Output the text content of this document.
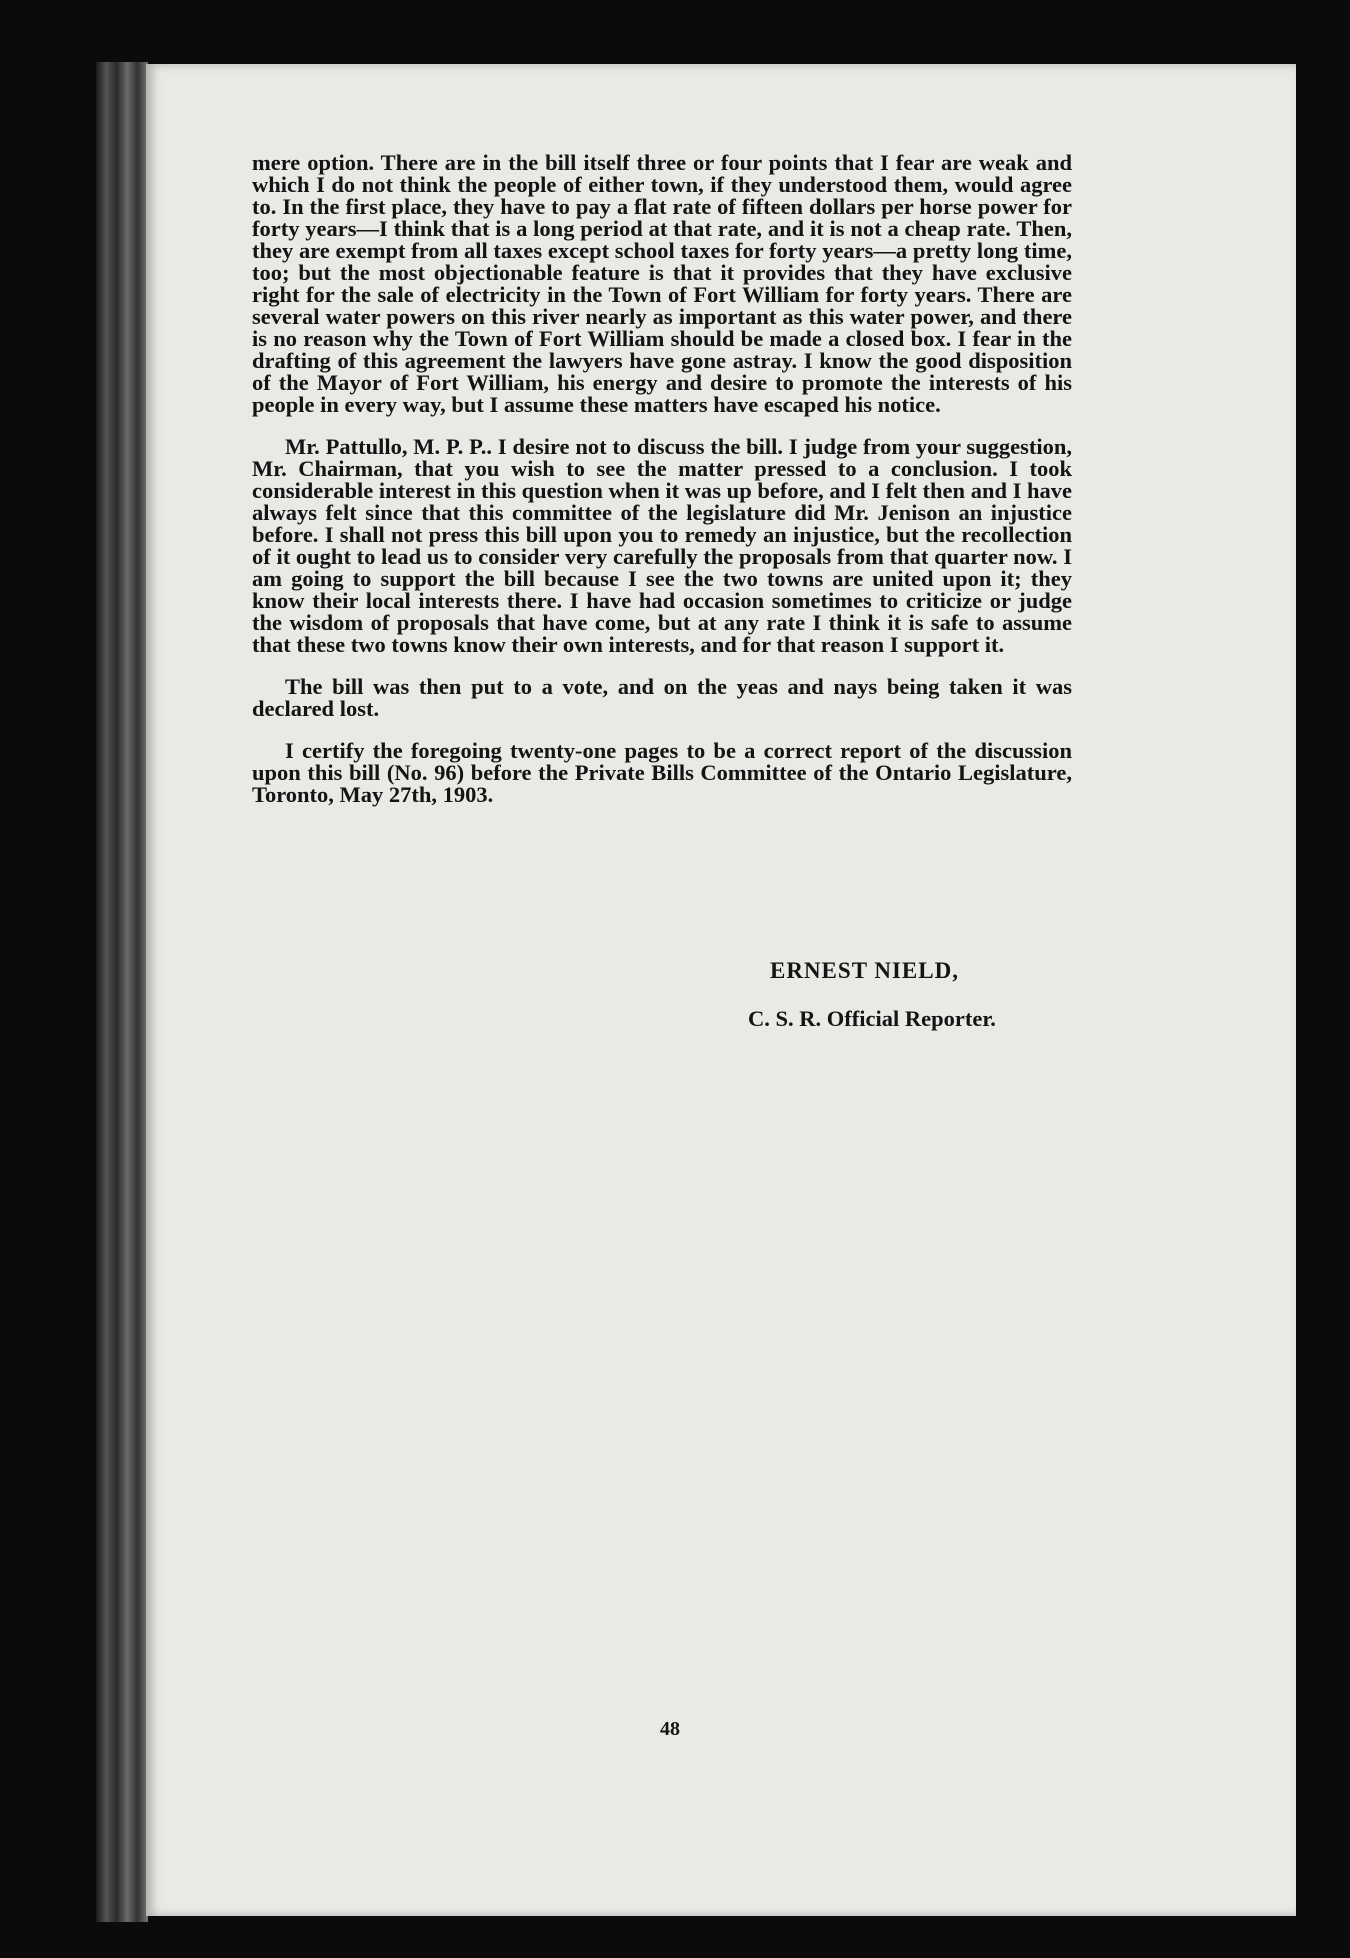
mere option. There are in the bill itself three or four points that I fear are weak and which I do not think the people of either town, if they understood them, would agree to. In the first place, they have to pay a flat rate of fifteen dollars per horse power for forty years—I think that is a long period at that rate, and it is not a cheap rate. Then, they are exempt from all taxes except school taxes for forty years—a pretty long time, too; but the most objectionable feature is that it provides that they have exclusive right for the sale of electricity in the Town of Fort William for forty years. There are several water powers on this river nearly as important as this water power, and there is no reason why the Town of Fort William should be made a closed box. I fear in the drafting of this agreement the lawyers have gone astray. I know the good disposition of the Mayor of Fort William, his energy and desire to promote the interests of his people in every way, but I assume these matters have escaped his notice.

Mr. Pattullo, M. P. P.. I desire not to discuss the bill. I judge from your suggestion, Mr. Chairman, that you wish to see the matter pressed to a conclusion. I took considerable interest in this question when it was up before, and I felt then and I have always felt since that this committee of the legislature did Mr. Jenison an injustice before. I shall not press this bill upon you to remedy an injustice, but the recollection of it ought to lead us to consider very carefully the proposals from that quarter now. I am going to support the bill because I see the two towns are united upon it; they know their local interests there. I have had occasion sometimes to criticize or judge the wisdom of proposals that have come, but at any rate I think it is safe to assume that these two towns know their own interests, and for that reason I support it.

The bill was then put to a vote, and on the yeas and nays being taken it was declared lost.

I certify the foregoing twenty-one pages to be a correct report of the discussion upon this bill (No. 96) before the Private Bills Committee of the Ontario Legislature, Toronto, May 27th, 1903.

ERNEST NIELD,
C. S. R. Official Reporter.
48
